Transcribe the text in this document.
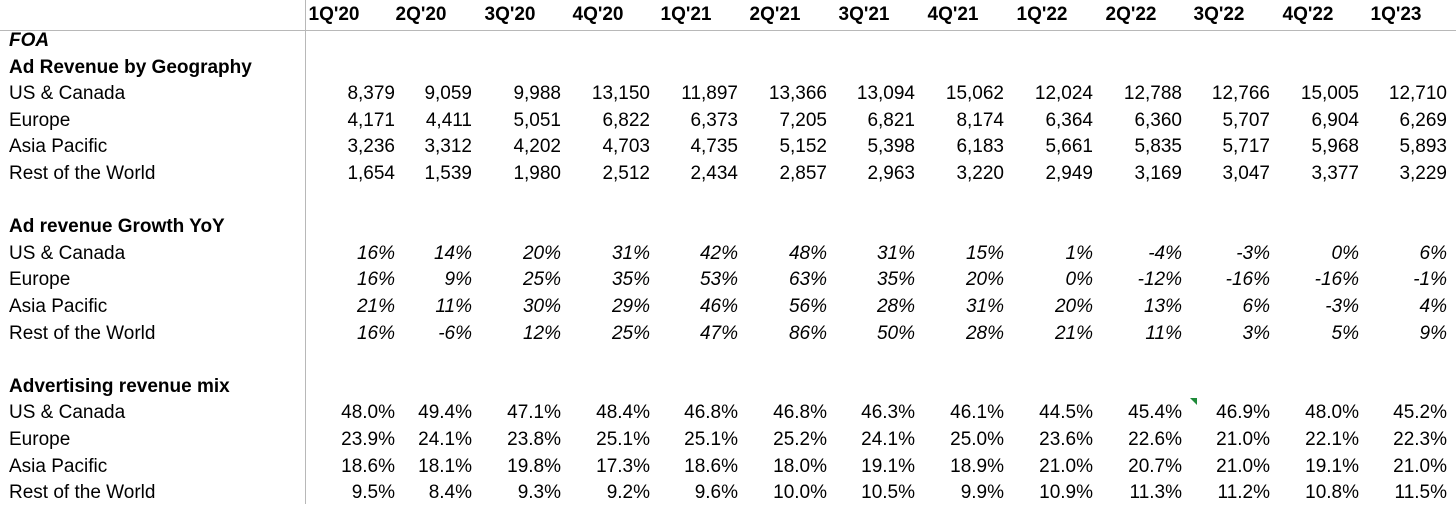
FOA
Ad Revenue by Geography
US & Canada	8,379	9,059	9,988	13,150	11,897	13,366	13,094	15,062	12,024	12,788	12,766	15,005	12,710
Europe	4,171	4,411	5,051	6,822	6,373	7,205	6,821	8,174	6,364	6,360	5,707	6,904	6,269
Asia Pacific	3,236	3,312	4,202	4,703	4,735	5,152	5,398	6,183	5,661	5,835	5,717	5,968	5,893
Rest of the World	1,654	1,539	1,980	2,512	2,434	2,857	2,963	3,220	2,949	3,169	3,047	3,377	3,229
Ad revenue Growth YoY
US & Canada	16%	14%	20%	31%	42%	48%	31%	15%	1%	-4%	-3%	0%	6%
Europe	16%	9%	25%	35%	53%	63%	35%	20%	0%	-12%	-16%	-16%	-1%
Asia Pacific	21%	11%	30%	29%	46%	56%	28%	31%	20%	13%	6%	-3%	4%
Rest of the World	16%	-6%	12%	25%	47%	86%	50%	28%	21%	11%	3%	5%	9%
Advertising revenue mix
US & Canada	48.0%	49.4%	47.1%	48.4%	46.8%	46.8%	46.3%	46.1%	44.5%	45.4%	46.9%	48.0%	45.2%
Europe	23.9%	24.1%	23.8%	25.1%	25.1%	25.2%	24.1%	25.0%	23.6%	22.6%	21.0%	22.1%	22.3%
Asia Pacific	18.6%	18.1%	19.8%	17.3%	18.6%	18.0%	19.1%	18.9%	21.0%	20.7%	21.0%	19.1%	21.0%
Rest of the World	9.5%	8.4%	9.3%	9.2%	9.6%	10.0%	10.5%	9.9%	10.9%	11.3%	11.2%	10.8%	11.5%
1Q'20	2Q'20	3Q'20	4Q'20	1Q'21	2Q'21	3Q'21	4Q'21	1Q'22	2Q'22	3Q'22	4Q'22	1Q'23
